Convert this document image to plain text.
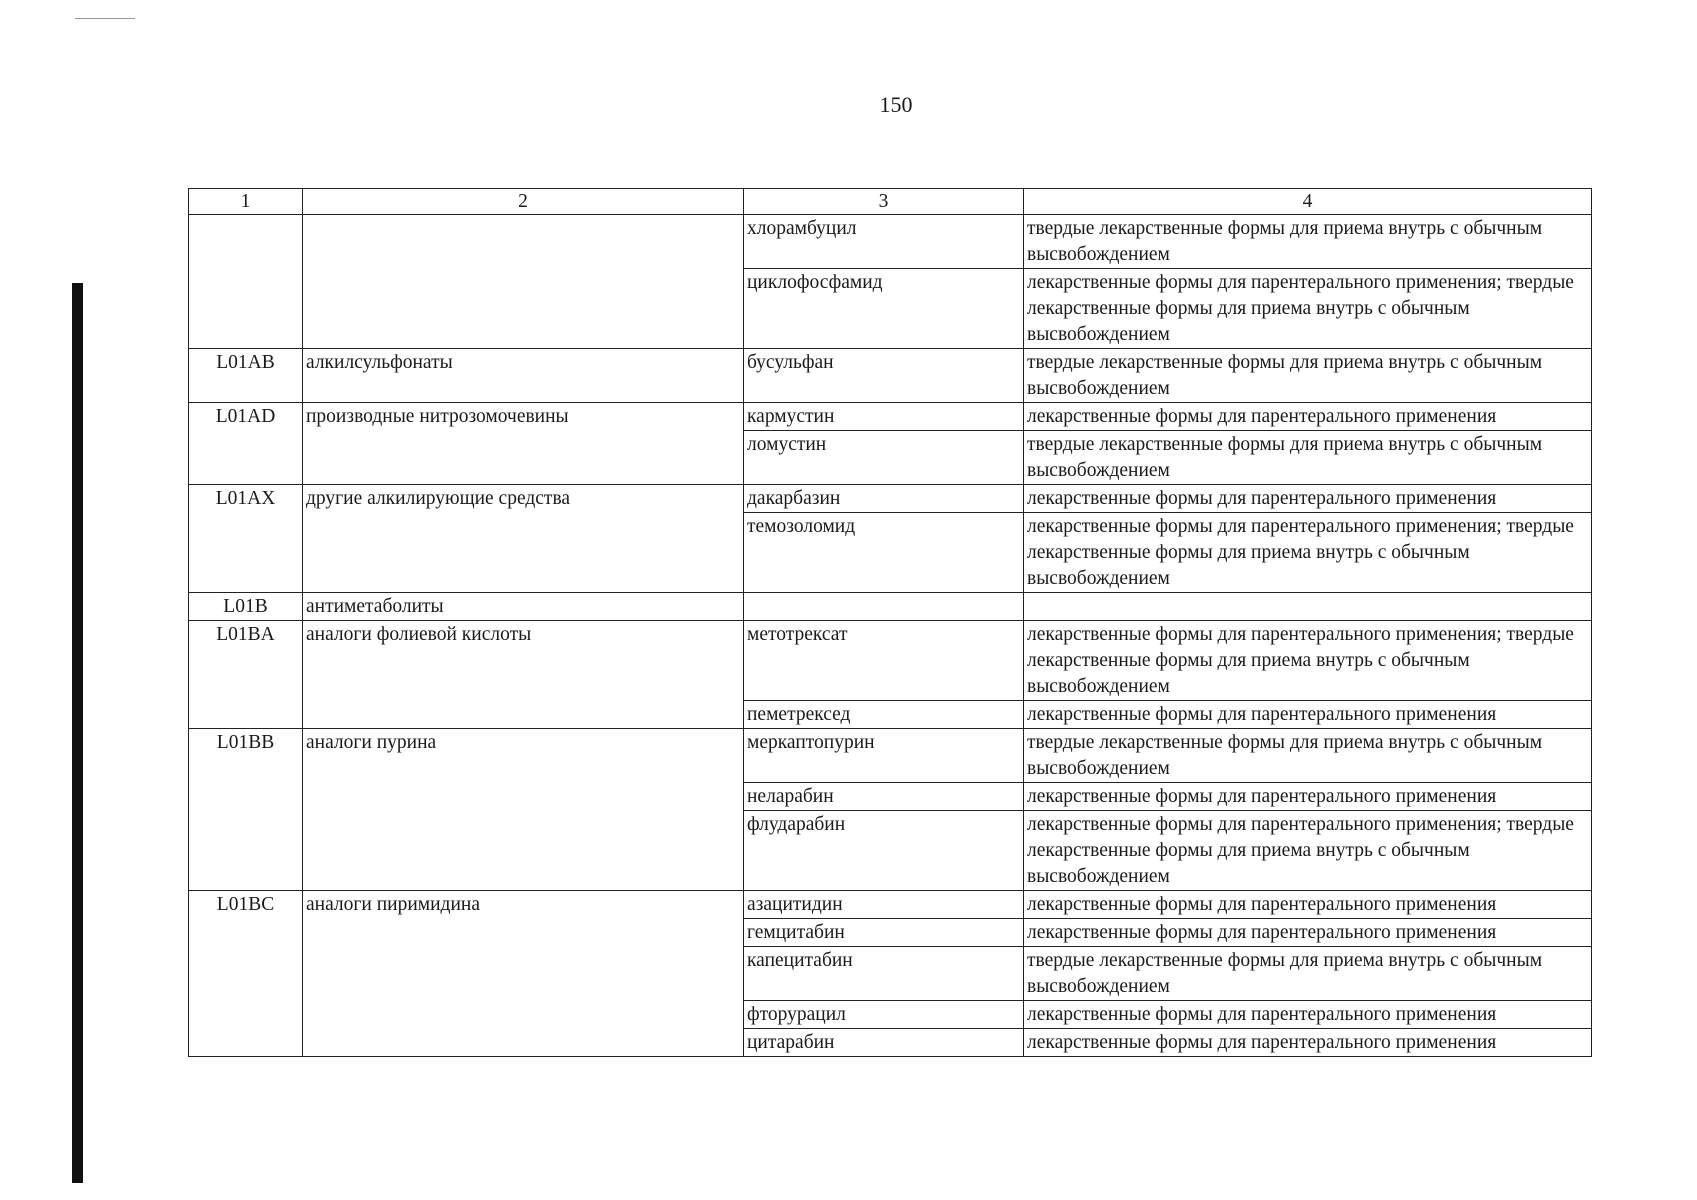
150
1	2	3	4
		хлорамбуцил	твердые лекарственные формы для приема внутрь с обычным высвобождением
		циклофосфамид	лекарственные формы для парентерального применения; твердые лекарственные формы для приема внутрь с обычным высвобождением
L01AB	алкилсульфонаты	бусульфан	твердые лекарственные формы для приема внутрь с обычным высвобождением
L01AD	производные нитрозомочевины	кармустин	лекарственные формы для парентерального применения
		ломустин	твердые лекарственные формы для приема внутрь с обычным высвобождением
L01AX	другие алкилирующие средства	дакарбазин	лекарственные формы для парентерального применения
		темозоломид	лекарственные формы для парентерального применения; твердые лекарственные формы для приема внутрь с обычным высвобождением
L01B	антиметаболиты		
L01BA	аналоги фолиевой кислоты	метотрексат	лекарственные формы для парентерального применения; твердые лекарственные формы для приема внутрь с обычным высвобождением
		пеметрексед	лекарственные формы для парентерального применения
L01BB	аналоги пурина	меркаптопурин	твердые лекарственные формы для приема внутрь с обычным высвобождением
		неларабин	лекарственные формы для парентерального применения
		флударабин	лекарственные формы для парентерального применения; твердые лекарственные формы для приема внутрь с обычным высвобождением
L01BC	аналоги пиримидина	азацитидин	лекарственные формы для парентерального применения
		гемцитабин	лекарственные формы для парентерального применения
		капецитабин	твердые лекарственные формы для приема внутрь с обычным высвобождением
		фторурацил	лекарственные формы для парентерального применения
		цитарабин	лекарственные формы для парентерального применения
